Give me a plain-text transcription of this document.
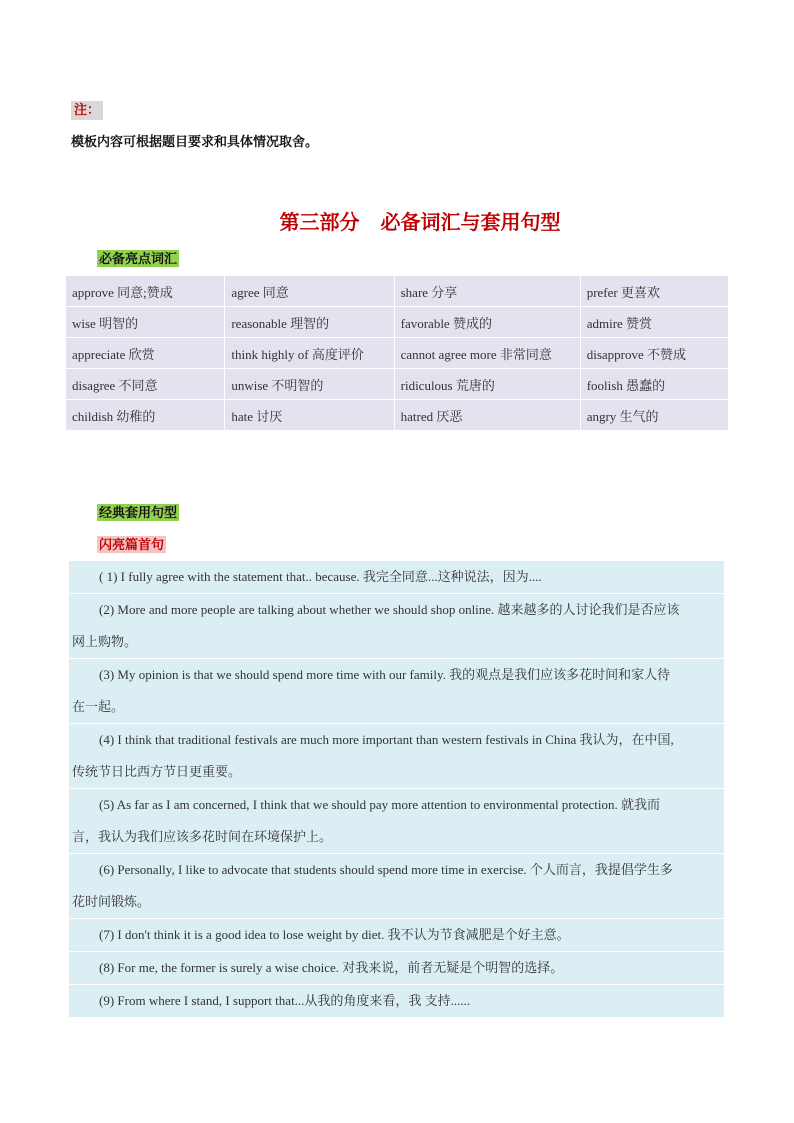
注：
模板内容可根据题目要求和具体情况取舍。
第三部分 必备词汇与套用句型
必备亮点词汇
approve 同意;赞成	agree 同意	share 分享	prefer 更喜欢
wise 明智的	reasonable 理智的	favorable 赞成的	admire 赞赏
appreciate 欣赏	think highly of 高度评价	cannot agree more 非常同意	disapprove 不赞成
disagree 不同意	unwise 不明智的	ridiculous 荒唐的	foolish 愚蠢的
childish 幼稚的	hate 讨厌	hatred 厌恶	angry 生气的
经典套用句型
闪亮篇首句
( 1) I fully agree with the statement that.. because. 我完全同意...这种说法，因为....
(2) More and more people are talking about whether we should shop online. 越来越多的人讨论我们是否应该
网上购物。
(3) My opinion is that we should spend more time with our family. 我的观点是我们应该多花时间和家人待
在一起。
(4) I think that traditional festivals are much more important than western festivals in China 我认为，在中国,
传统节日比西方节日更重要。
(5) As far as I am concerned, I think that we should pay more attention to environmental protection. 就我而
言，我认为我们应该多花时间在环境保护上。
(6) Personally, I like to advocate that students should spend more time in exercise. 个人而言，我提倡学生多
花时间锻炼。
(7) I don't think it is a good idea to lose weight by diet. 我不认为节食减肥是个好主意。
(8) For me, the former is surely a wise choice. 对我来说，前者无疑是个明智的选择。
(9) From where I stand, I support that...从我的角度来看，我 支持......
